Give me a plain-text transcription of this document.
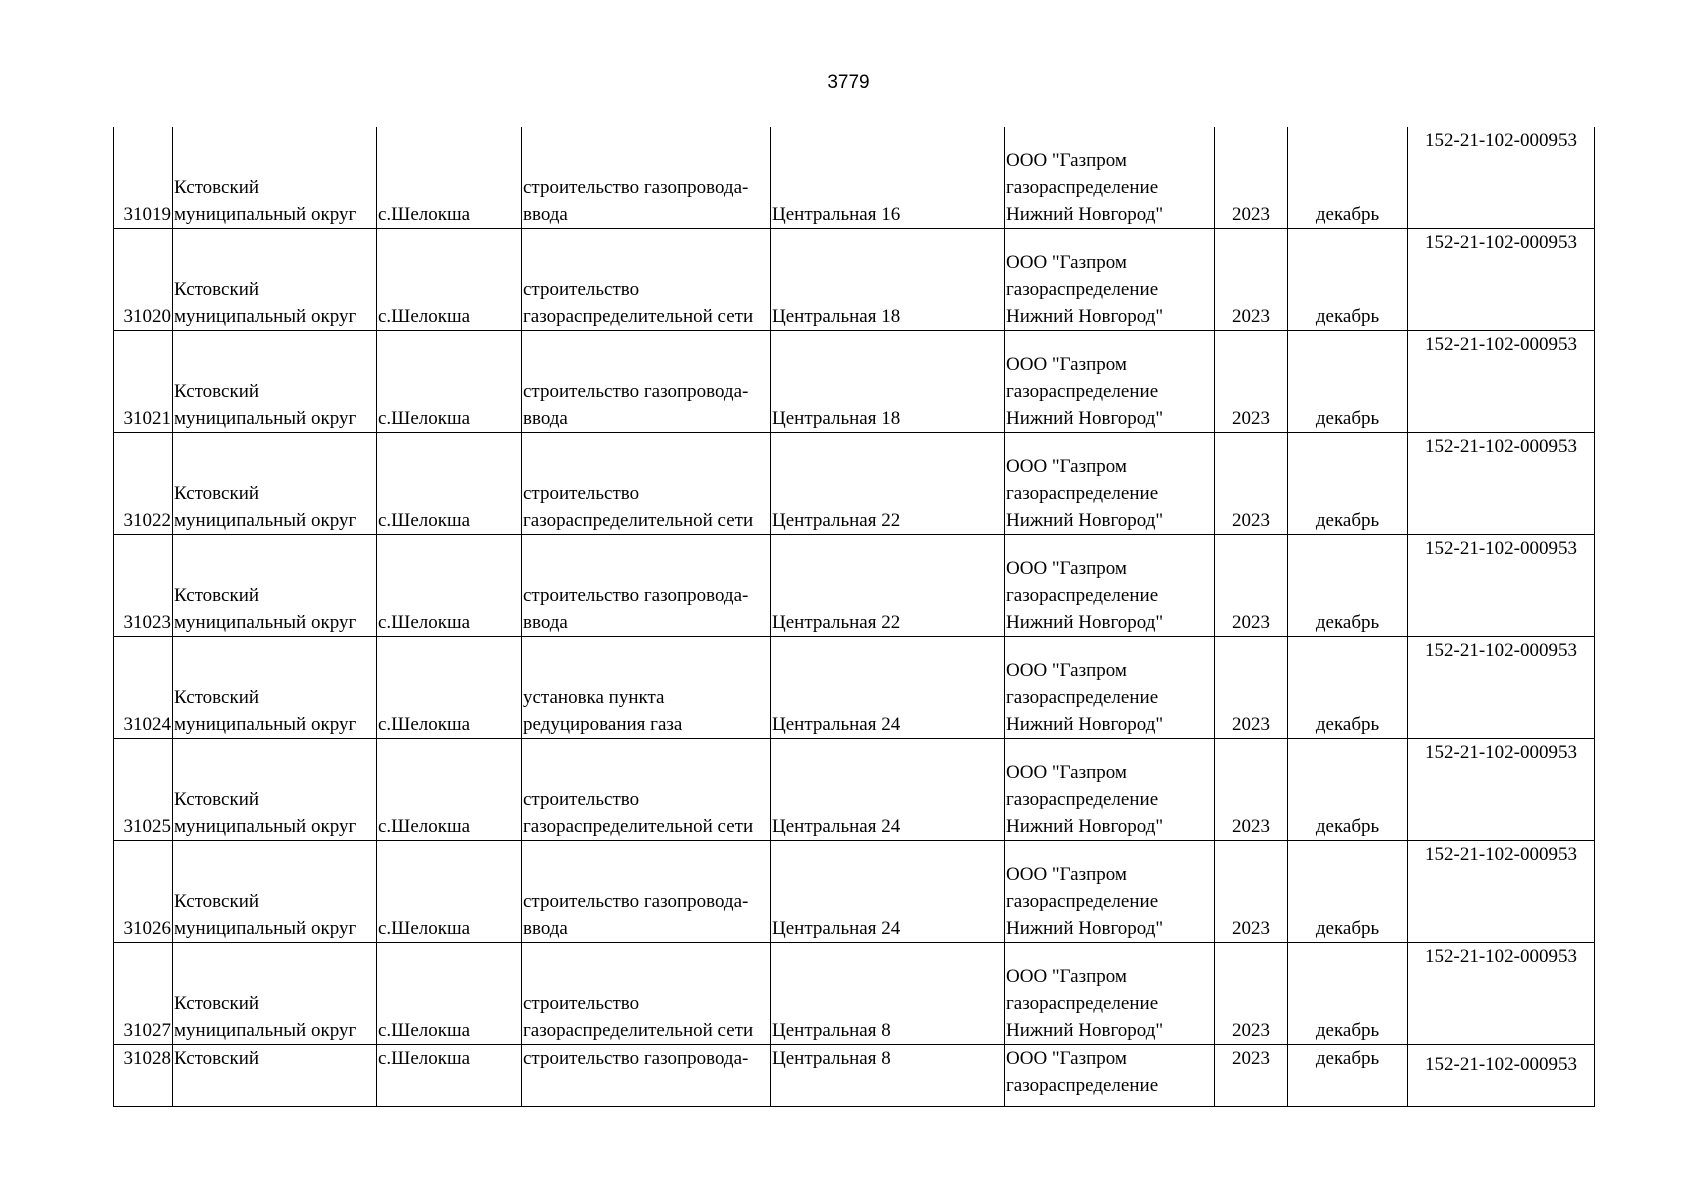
3779
31019	Кстовский
муниципальный округ	с.Шелокша	строительство газопровода-
ввода	Центральная 16	ООО "Газпром
газораспределение
Нижний Новгород"	2023	декабрь	152-21-102-000953
31020	Кстовский
муниципальный округ	с.Шелокша	строительство
газораспределительной сети	Центральная 18	ООО "Газпром
газораспределение
Нижний Новгород"	2023	декабрь	152-21-102-000953
31021	Кстовский
муниципальный округ	с.Шелокша	строительство газопровода-
ввода	Центральная 18	ООО "Газпром
газораспределение
Нижний Новгород"	2023	декабрь	152-21-102-000953
31022	Кстовский
муниципальный округ	с.Шелокша	строительство
газораспределительной сети	Центральная 22	ООО "Газпром
газораспределение
Нижний Новгород"	2023	декабрь	152-21-102-000953
31023	Кстовский
муниципальный округ	с.Шелокша	строительство газопровода-
ввода	Центральная 22	ООО "Газпром
газораспределение
Нижний Новгород"	2023	декабрь	152-21-102-000953
31024	Кстовский
муниципальный округ	с.Шелокша	установка пункта
редуцирования газа	Центральная 24	ООО "Газпром
газораспределение
Нижний Новгород"	2023	декабрь	152-21-102-000953
31025	Кстовский
муниципальный округ	с.Шелокша	строительство
газораспределительной сети	Центральная 24	ООО "Газпром
газораспределение
Нижний Новгород"	2023	декабрь	152-21-102-000953
31026	Кстовский
муниципальный округ	с.Шелокша	строительство газопровода-
ввода	Центральная 24	ООО "Газпром
газораспределение
Нижний Новгород"	2023	декабрь	152-21-102-000953
31027	Кстовский
муниципальный округ	с.Шелокша	строительство
газораспределительной сети	Центральная 8	ООО "Газпром
газораспределение
Нижний Новгород"	2023	декабрь	152-21-102-000953
31028	Кстовский	с.Шелокша	строительство газопровода-	Центральная 8	ООО "Газпром
газораспределение	2023	декабрь	152-21-102-000953
